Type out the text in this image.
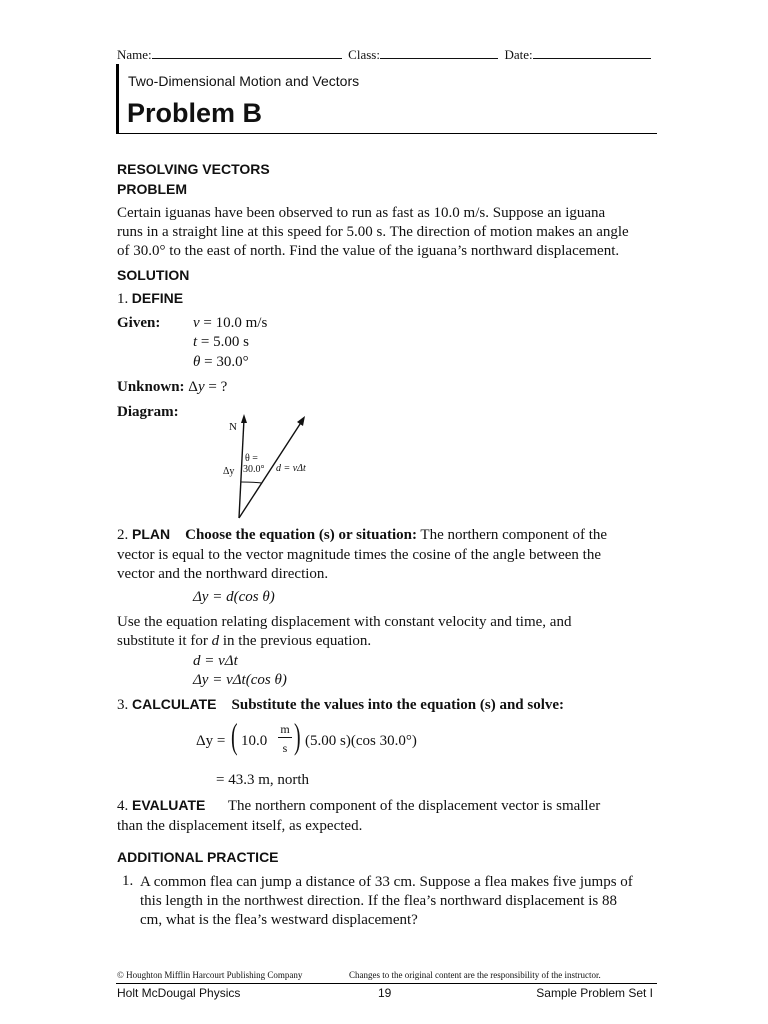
Name:	Class:	Date:
Two-Dimensional Motion and Vectors
Problem B
RESOLVING VECTORS
PROBLEM
Certain iguanas have been observed to run as fast as 10.0 m/s. Suppose an iguana
runs in a straight line at this speed for 5.00 s. The direction of motion makes an angle
of 30.0° to the east of north. Find the value of the iguana’s northward displacement.
SOLUTION
1. DEFINE
Given: v = 10.0 m/s
t = 5.00 s
θ = 30.0°
Unknown: Δy = ?
Diagram:
N
θ =
30.0°
Δy	d = vΔt
2. PLAN Choose the equation (s) or situation: The northern component of the
vector is equal to the vector magnitude times the cosine of the angle between the
vector and the northward direction.
Δy = d(cos θ)
Use the equation relating displacement with constant velocity and time, and
substitute it for d in the previous equation.
d = vΔt
Δy = vΔt(cos θ)
3. CALCULATE Substitute the values into the equation (s) and solve:
Δy = ( 10.0
m
s ) (5.00 s)(cos 30.0°)
= 43.3 m, north
4. EVALUATE The northern component of the displacement vector is smaller
than the displacement itself, as expected.
ADDITIONAL PRACTICE
1. A common flea can jump a distance of 33 cm. Suppose a flea makes five jumps of
this length in the northwest direction. If the flea’s northward displacement is 88
cm, what is the flea’s westward displacement?
© Houghton Mifflin Harcourt Publishing Company	Changes to the original content are the responsibility of the instructor.
Holt McDougal Physics	19	Sample Problem Set I
